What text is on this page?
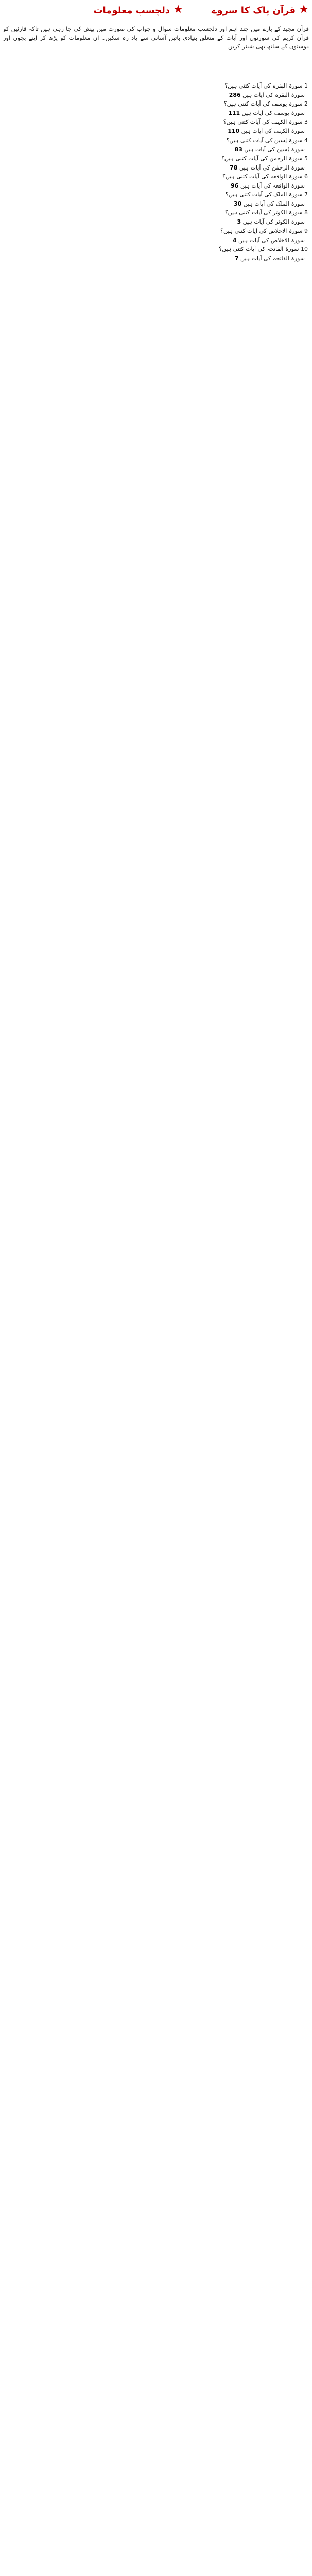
★
قرآن پاک کا سروے
★
دلچسپ معلومات
قرآن مجید کے بارے میں چند اہم اور دلچسپ معلومات سوال و جواب کی صورت میں پیش کی جا رہی ہیں تاکہ قارئین کو قرآن کریم کی سورتوں اور آیات کے متعلق بنیادی باتیں آسانی سے یاد رہ سکیں۔ ان معلومات کو پڑھ کر اپنے بچوں اور دوستوں کے ساتھ بھی شیئر کریں۔
1 سورۃ البقرہ کی آیات کتنی ہیں؟
سورۃ البقرہ کی آیات ہیں 286
2 سورۃ یوسف کی آیات کتنی ہیں؟
سورۃ یوسف کی آیات ہیں 111
3 سورۃ الکہف کی آیات کتنی ہیں؟
سورۃ الکہف کی آیات ہیں 110
4 سورۃ یٰسین کی آیات کتنی ہیں؟
سورۃ یٰسین کی آیات ہیں 83
5 سورۃ الرحمٰن کی آیات کتنی ہیں؟
سورۃ الرحمٰن کی آیات ہیں 78
6 سورۃ الواقعہ کی آیات کتنی ہیں؟
سورۃ الواقعہ کی آیات ہیں 96
7 سورۃ الملک کی آیات کتنی ہیں؟
سورۃ الملک کی آیات ہیں 30
8 سورۃ الکوثر کی آیات کتنی ہیں؟
سورۃ الکوثر کی آیات ہیں 3
9 سورۃ الاخلاص کی آیات کتنی ہیں؟
سورۃ الاخلاص کی آیات ہیں 4
10 سورۃ الفاتحہ کی آیات کتنی ہیں؟
سورۃ الفاتحہ کی آیات ہیں 7
